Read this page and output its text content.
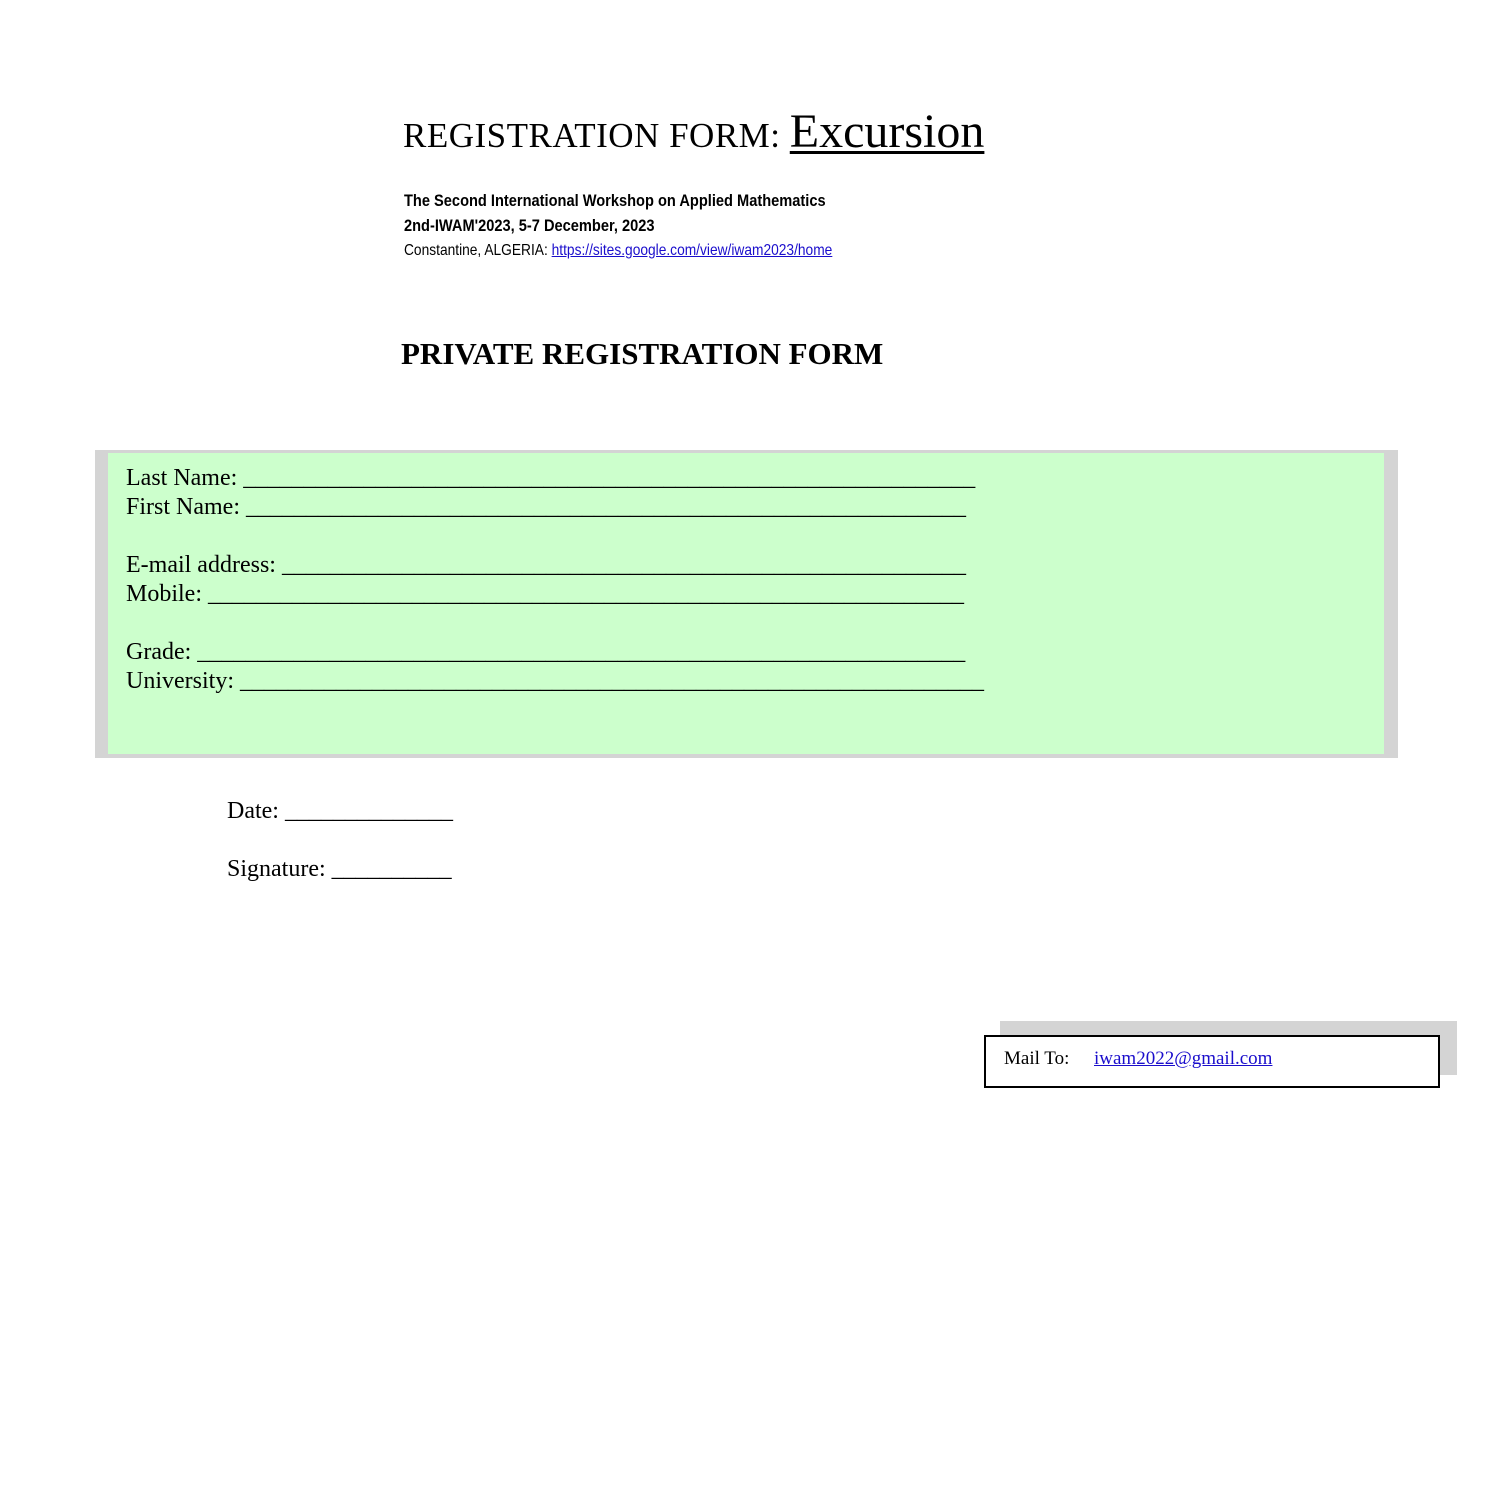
REGISTRATION FORM: Excursion
The Second International Workshop on Applied Mathematics
2nd-IWAM'2023, 5-7 December, 2023
Constantine, ALGERIA: https://sites.google.com/view/iwam2023/home
PRIVATE REGISTRATION FORM
Last Name: _____________________________________________________________
First Name: ____________________________________________________________
E-mail address: _________________________________________________________
Mobile: _______________________________________________________________
Grade: ________________________________________________________________
University: ______________________________________________________________
Date: ______________
Signature: __________
Mail To: iwam2022@gmail.com
